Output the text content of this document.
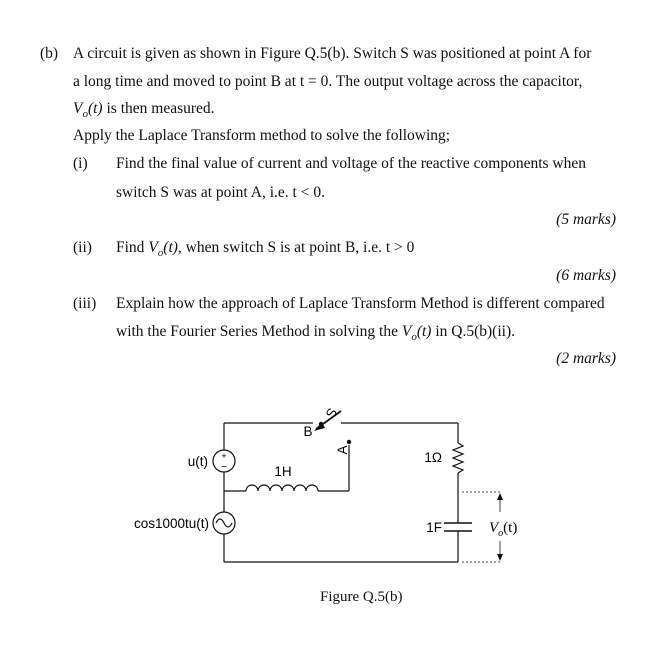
(b) A circuit is given as shown in Figure Q.5(b). Switch S was positioned at point A for
a long time and moved to point B at t = 0. The output voltage across the capacitor,
$V_o(t)$ is then measured.
Apply the Laplace Transform method to solve the following;
(i) Find the final value of current and voltage of the reactive components when
switch S was at point A, i.e. t < 0.
(5 marks)
(ii) Find $V_o(t)$, when switch S is at point B, i.e. t > 0
(6 marks)
(iii) Explain how the approach of Laplace Transform Method is different compared
with the Fourier Series Method in solving the $V_o(t)$ in Q.5(b)(ii).
(2 marks)
+
−
u(t)
cos1000tu(t)
1H
1Ω
1F
B
A
S
$V_o(t)$
Figure Q.5(b)
